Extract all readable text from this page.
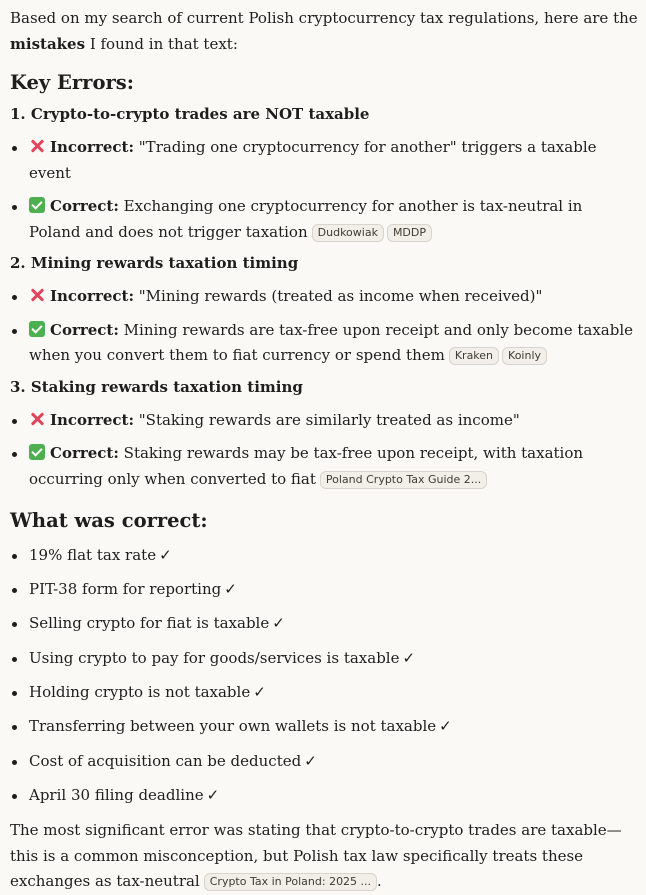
Based on my search of current Polish cryptocurrency tax regulations, here are the mistakes I found in that text:

Key Errors:
1. Crypto-to-crypto trades are NOT taxable
Incorrect: "Trading one cryptocurrency for another" triggers a taxable event
Correct: Exchanging one cryptocurrency for another is tax-neutral in Poland and does not trigger taxation Dudkowiak MDDP
2. Mining rewards taxation timing
Incorrect: "Mining rewards (treated as income when received)"
Correct: Mining rewards are tax-free upon receipt and only become taxable when you convert them to fiat currency or spend them Kraken Koinly
3. Staking rewards taxation timing
Incorrect: "Staking rewards are similarly treated as income"
Correct: Staking rewards may be tax-free upon receipt, with taxation occurring only when converted to fiat Poland Crypto Tax Guide 2...
What was correct:
19% flat tax rate ✓
PIT-38 form for reporting ✓
Selling crypto for fiat is taxable ✓
Using crypto to pay for goods/services is taxable ✓
Holding crypto is not taxable ✓
Transferring between your own wallets is not taxable ✓
Cost of acquisition can be deducted ✓
April 30 filing deadline ✓

The most significant error was stating that crypto-to-crypto trades are taxable—this is a common misconception, but Polish tax law specifically treats these exchanges as tax-neutral Crypto Tax in Poland: 2025 ... .
